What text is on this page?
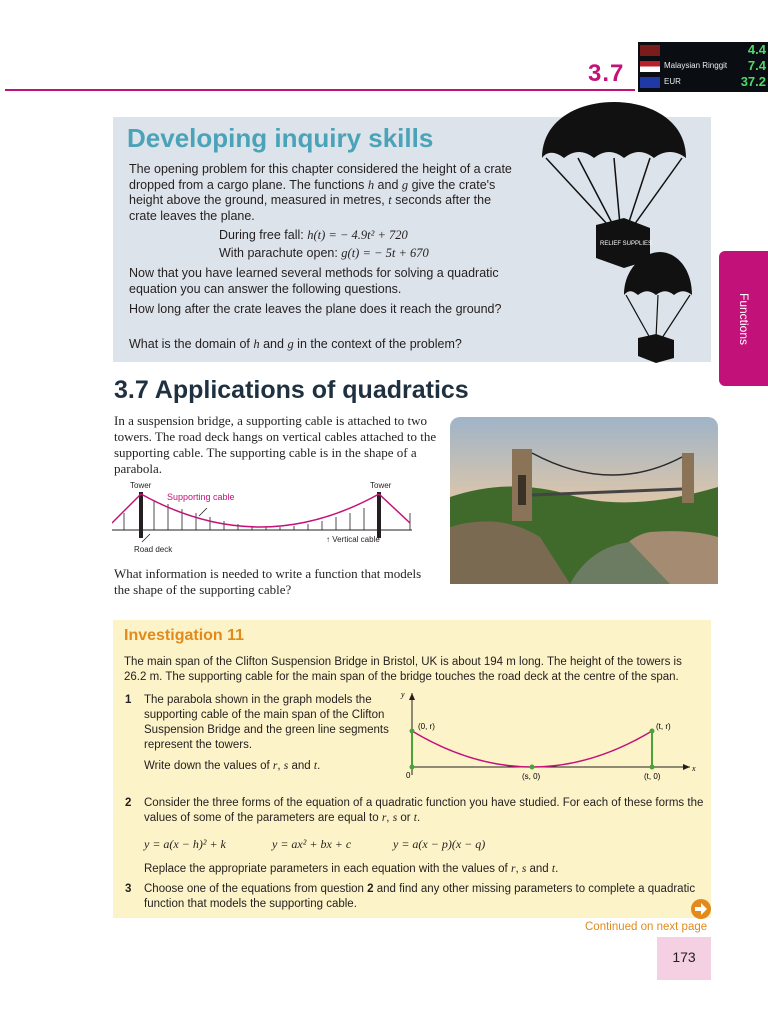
3.7
4.4
Malaysian Ringgit 7.4
EUR	37.2
Developing inquiry skills
The opening problem for this chapter considered the height of a crate dropped from a cargo plane. The functions h and g give the crate's height above the ground, measured in metres, t seconds after the crate leaves the plane.
During free fall: h(t) = − 4.9t² + 720
With parachute open: g(t) = − 5t + 670
Now that you have learned several methods for solving a quadratic equation you can answer the following questions.
How long after the crate leaves the plane does it reach the ground?
What is the domain of h and g in the context of the problem?
RELIEF SUPPLIES
Functions
3.7 Applications of quadratics
In a suspension bridge, a supporting cable is attached to two towers. The road deck hangs on vertical cables attached to the supporting cable. The supporting cable is in the shape of a parabola.
Tower	Tower
Supporting cable
↑ Vertical cable
Road deck
What information is needed to write a function that models the shape of the supporting cable?
Investigation 11
The main span of the Clifton Suspension Bridge in Bristol, UK is about 194 m long. The height of the towers is 26.2 m. The supporting cable for the main span of the bridge touches the road deck at the centre of the span.
1 The parabola shown in the graph models the supporting cable of the main span of the Clifton Suspension Bridge and the green line segments represent the towers.
Write down the values of r, s and t.
y
x
0
(0, r)	(t, r)
(s, 0)	(t, 0)
2 Consider the three forms of the equation of a quadratic function you have studied. For each of these forms the values of some of the parameters are equal to r, s or t.
y = a(x − h)² + k	y = ax² + bx + c	y = a(x − p)(x − q)
Replace the appropriate parameters in each equation with the values of r, s and t.
3 Choose one of the equations from question 2 and find any other missing parameters to complete a quadratic function that models the supporting cable.
Continued on next page
173
